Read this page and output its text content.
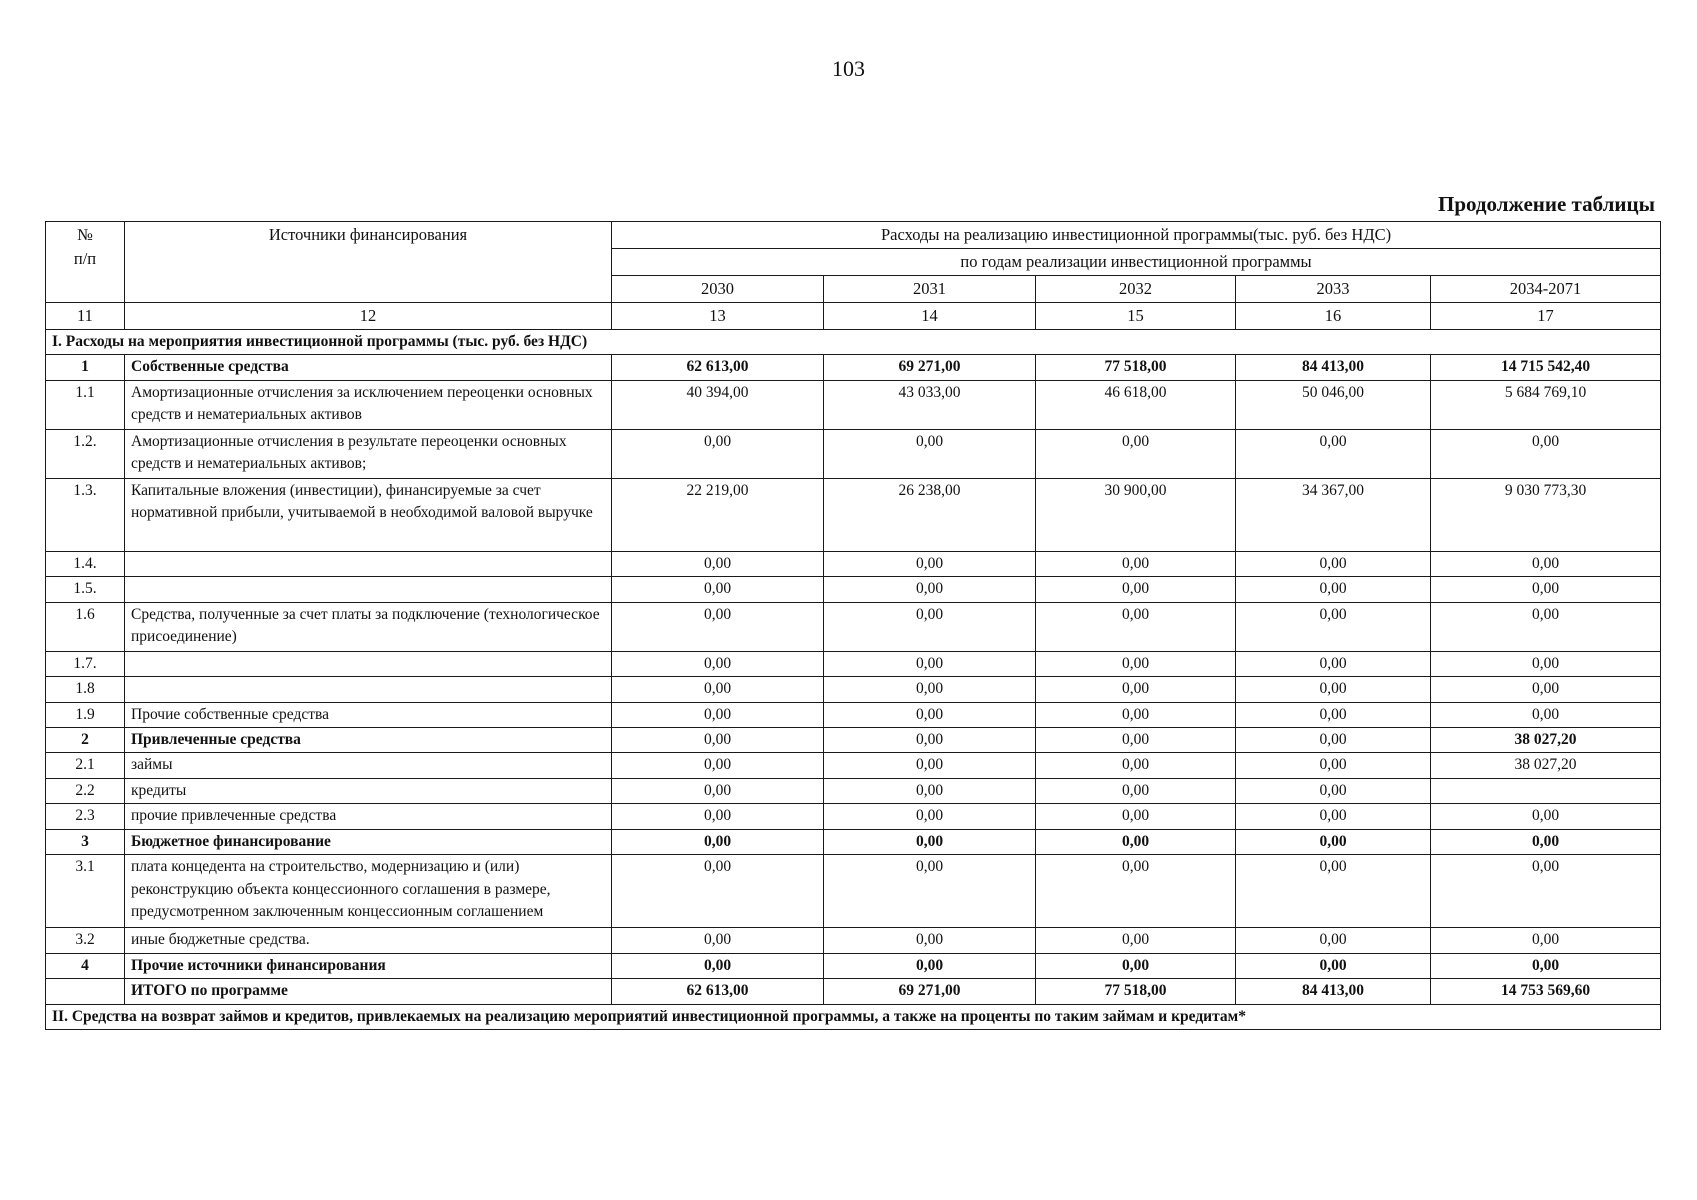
103
Продолжение таблицы
№
п/п	Источники финансирования	Расходы на реализацию инвестиционной программы(тыс. руб. без НДС)				
		по годам реализации инвестиционной программы				
		2030	2031	2032	2033	2034-2071
11	12	13	14	15	16	17
I. Расходы на мероприятия инвестиционной программы (тыс. руб. без НДС)						
1	Собственные средства	62 613,00	69 271,00	77 518,00	84 413,00	14 715 542,40
1.1	Амортизационные отчисления за исключением переоценки основных средств и нематериальных активов	40 394,00	43 033,00	46 618,00	50 046,00	5 684 769,10
1.2.	Амортизационные отчисления в результате переоценки основных средств и нематериальных активов;	0,00	0,00	0,00	0,00	0,00
1.3.	Капитальные вложения (инвестиции), финансируемые за счет нормативной прибыли, учитываемой в необходимой валовой выручке	22 219,00	26 238,00	30 900,00	34 367,00	9 030 773,30
1.4.		0,00	0,00	0,00	0,00	0,00
1.5.		0,00	0,00	0,00	0,00	0,00
1.6	Средства, полученные за счет платы за подключение (технологическое присоединение)	0,00	0,00	0,00	0,00	0,00
1.7.		0,00	0,00	0,00	0,00	0,00
1.8		0,00	0,00	0,00	0,00	0,00
1.9	Прочие собственные средства	0,00	0,00	0,00	0,00	0,00
2	Привлеченные средства	0,00	0,00	0,00	0,00	38 027,20
2.1	займы	0,00	0,00	0,00	0,00	38 027,20
2.2	кредиты	0,00	0,00	0,00	0,00	
2.3	прочие привлеченные средства	0,00	0,00	0,00	0,00	0,00
3	Бюджетное финансирование	0,00	0,00	0,00	0,00	0,00
3.1	плата концедента на строительство, модернизацию и (или) реконструкцию объекта концессионного соглашения в размере, предусмотренном заключенным концессионным соглашением	0,00	0,00	0,00	0,00	0,00
3.2	иные бюджетные средства.	0,00	0,00	0,00	0,00	0,00
4	Прочие источники финансирования	0,00	0,00	0,00	0,00	0,00
	ИТОГО по программе	62 613,00	69 271,00	77 518,00	84 413,00	14 753 569,60
II. Средства на возврат займов и кредитов, привлекаемых на реализацию мероприятий инвестиционной программы, а также на проценты по таким займам и кредитам*						
